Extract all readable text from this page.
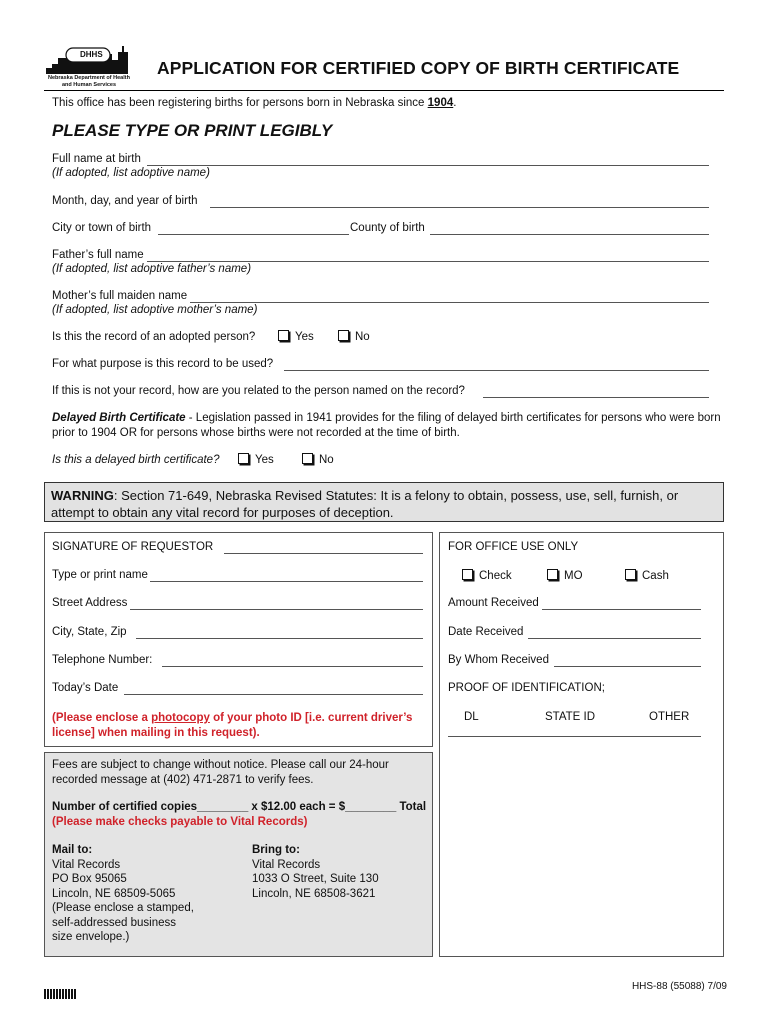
DHHS
Nebraska Department of Health
and Human Services
APPLICATION FOR CERTIFIED COPY OF BIRTH CERTIFICATE
This office has been registering births for persons born in Nebraska since 1904.
PLEASE TYPE OR PRINT LEGIBLY
Full name at birth
(If adopted, list adoptive name)
Month, day, and year of birth
City or town of birth	County of birth
Father’s full name
(If adopted, list adoptive father’s name)
Mother’s full maiden name
(If adopted, list adoptive mother’s name)
Is this the record of an adopted person?	Yes	No
For what purpose is this record to be used?
If this is not your record, how are you related to the person named on the record?
Delayed Birth Certificate - Legislation passed in 1941 provides for the filing of delayed birth certificates for persons who were born prior to 1904 OR for persons whose births were not recorded at the time of birth.
Is this a delayed birth certificate?	Yes	No
WARNING: Section 71-649, Nebraska Revised Statutes: It is a felony to obtain, possess, use, sell, furnish, or attempt to obtain any vital record for purposes of deception.
SIGNATURE OF REQUESTOR
Type or print name
Street Address
City, State, Zip
Telephone Number:
Today’s Date
(Please enclose a photocopy of your photo ID [i.e. current driver’s license] when mailing in this request).
FOR OFFICE USE ONLY
Check	MO	Cash
Amount Received
Date Received
By Whom Received
PROOF OF IDENTIFICATION;
DL	STATE ID	OTHER
Fees are subject to change without notice. Please call our 24-hour recorded message at (402) 471-2871 to verify fees.
Number of certified copies________ x $12.00 each = $________ Total
(Please make checks payable to Vital Records)
Mail to:
Vital Records
PO Box 95065
Lincoln, NE 68509-5065
(Please enclose a stamped,
self-addressed business
size envelope.)
Bring to:
Vital Records
1033 O Street, Suite 130
Lincoln, NE 68508-3621
HHS-88 (55088) 7/09
